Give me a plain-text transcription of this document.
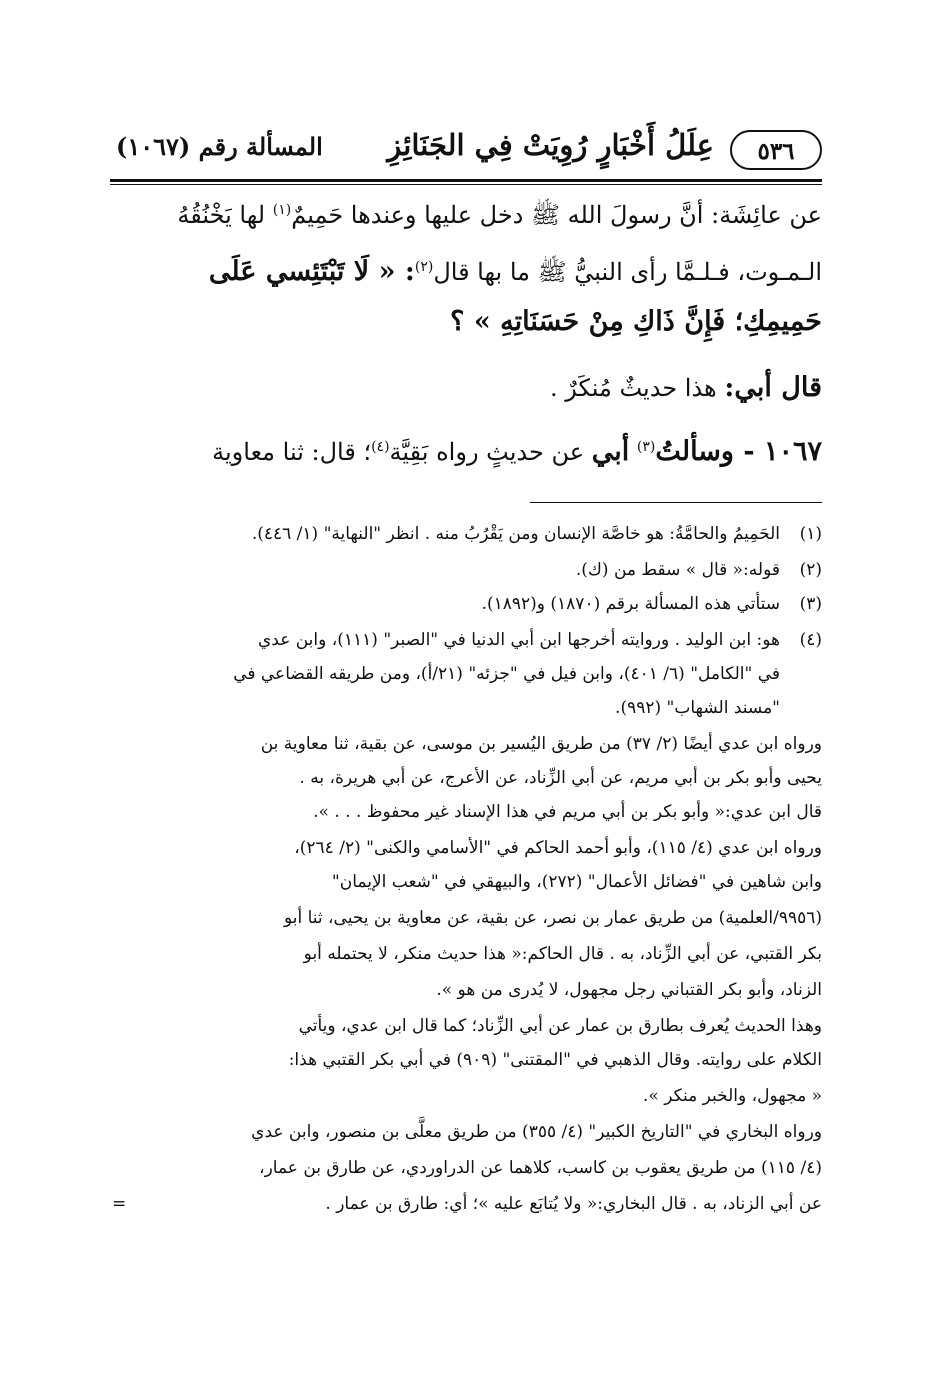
٥٣٦
عِلَلُ أَخْبَارٍ رُوِيَتْ فِي الجَنَائِزِ
المسألة رقم (١٠٦٧)
عن عائِشَة: أنَّ رسولَ الله ﷺ دخل عليها وعندها حَمِيمٌ$^{(١)}$ لها يَخْنُقُهُ
الـمـوت، فـلـمَّا رأى النبيُّ ﷺ ما بها قال$^{(٢)}$: « لَا تَبْتَئِسي عَلَى
حَمِيمِكِ؛ فَإِنَّ ذَاكِ مِنْ حَسَنَاتِهِ » ؟
قال أبي: هذا حديثٌ مُنكَرٌ .
١٠٦٧ - وسألتُ$^{(٣)}$ أبي عن حديثٍ رواه بَقِيَّة$^{(٤)}$؛ قال: ثنا معاوية
(١)
الحَمِيمُ والحامَّةُ: هو خاصَّة الإنسان ومن يَقْرُبُ منه . انظر "النهاية" (١/ ٤٤٦).
(٢)
قوله:« قال » سقط من (ك).
(٣)
ستأتي هذه المسألة برقم (١٨٧٠) و(١٨٩٢).
(٤)
هو: ابن الوليد . وروايته أخرجها ابن أبي الدنيا في "الصبر" (١١١)، وابن عدي
في "الكامل" (٦/ ٤٠١)، وابن فيل في "جزئه" (٢١/أ)، ومن طريقه القضاعي في
"مسند الشهاب" (٩٩٢).
ورواه ابن عدي أيضًا (٢/ ٣٧) من طريق اليُسير بن موسى، عن بقية، ثنا معاوية بن
يحيى وأبو بكر بن أبي مريم، عن أبي الزِّناد، عن الأعرج، عن أبي هريرة، به .
قال ابن عدي:« وأبو بكر بن أبي مريم في هذا الإسناد غير محفوظ . . . ».
ورواه ابن عدي (٤/ ١١٥)، وأبو أحمد الحاكم في "الأسامي والكنى" (٢/ ٢٦٤)،
وابن شاهين في "فضائل الأعمال" (٢٧٢)، والبيهقي في "شعب الإيمان"
(٩٩٥٦/العلمية) من طريق عمار بن نصر، عن بقية، عن معاوية بن يحيى، ثنا أبو
بكر القتبي، عن أبي الزِّناد، به . قال الحاكم:« هذا حديث منكر، لا يحتمله أبو
الزناد، وأبو بكر القتباني رجل مجهول، لا يُدرى من هو ».
وهذا الحديث يُعرف بطارق بن عمار عن أبي الزِّناد؛ كما قال ابن عدي، ويأتي
الكلام على روايته. وقال الذهبي في "المقتنى" (٩٠٩) في أبي بكر القتبي هذا:
« مجهول، والخبر منكر ».
ورواه البخاري في "التاريخ الكبير" (٤/ ٣٥٥) من طريق معلَّى بن منصور، وابن عدي
(٤/ ١١٥) من طريق يعقوب بن كاسب، كلاهما عن الدراوردي، عن طارق بن عمار،
عن أبي الزناد، به . قال البخاري:« ولا يُتابَع عليه »؛ أي: طارق بن عمار .
=
